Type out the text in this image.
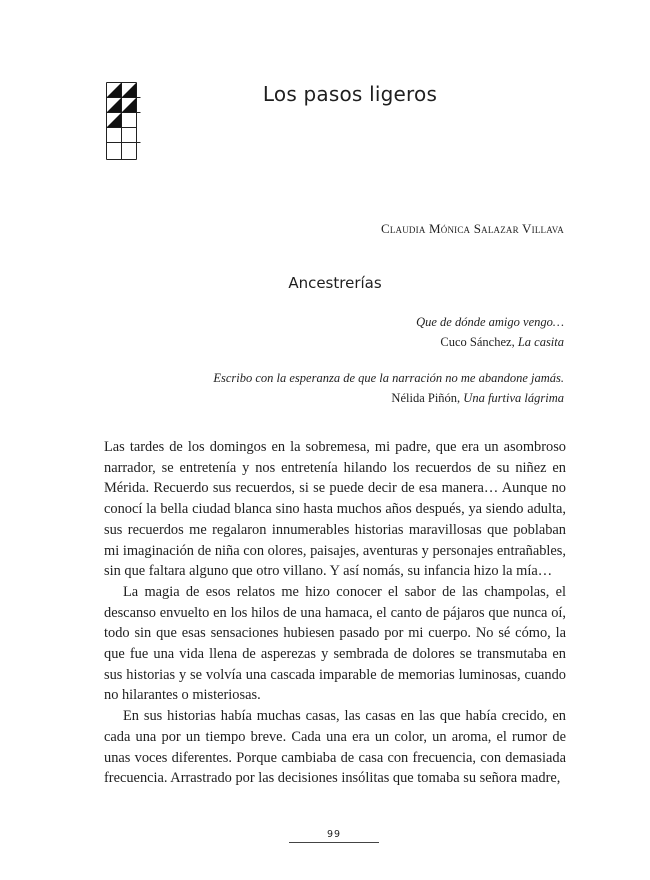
Los pasos ligeros
Claudia Mónica Salazar Villava
Ancestrerías
Que de dónde amigo vengo…
Cuco Sánchez, La casita
Escribo con la esperanza de que la narración no me abandone jamás.
Nélida Piñón, Una furtiva lágrima

Las tardes de los domingos en la sobremesa, mi padre, que era un asombroso narrador, se entretenía y nos entretenía hilando los recuerdos de su niñez en Mérida. Recuerdo sus recuerdos, si se puede decir de esa manera… Aunque no conocí la bella ciudad blanca sino hasta muchos años después, ya siendo adulta, sus recuerdos me regalaron innumerables historias maravillosas que poblaban mi imaginación de niña con olores, paisajes, aventuras y personajes entrañables, sin que faltara alguno que otro villano. Y así nomás, su infancia hizo la mía…

La magia de esos relatos me hizo conocer el sabor de las champolas, el descanso envuelto en los hilos de una hamaca, el canto de pájaros que nunca oí, todo sin que esas sensaciones hubiesen pasado por mi cuerpo. No sé cómo, la que fue una vida llena de asperezas y sembrada de dolores se transmutaba en sus historias y se volvía una cascada imparable de memorias luminosas, cuando no hilarantes o misteriosas.

En sus historias había muchas casas, las casas en las que había crecido, en cada una por un tiempo breve. Cada una era un color, un aroma, el rumor de unas voces diferentes. Porque cambiaba de casa con frecuencia, con demasiada frecuencia. Arrastrado por las decisiones insólitas que tomaba su señora madre,

99
